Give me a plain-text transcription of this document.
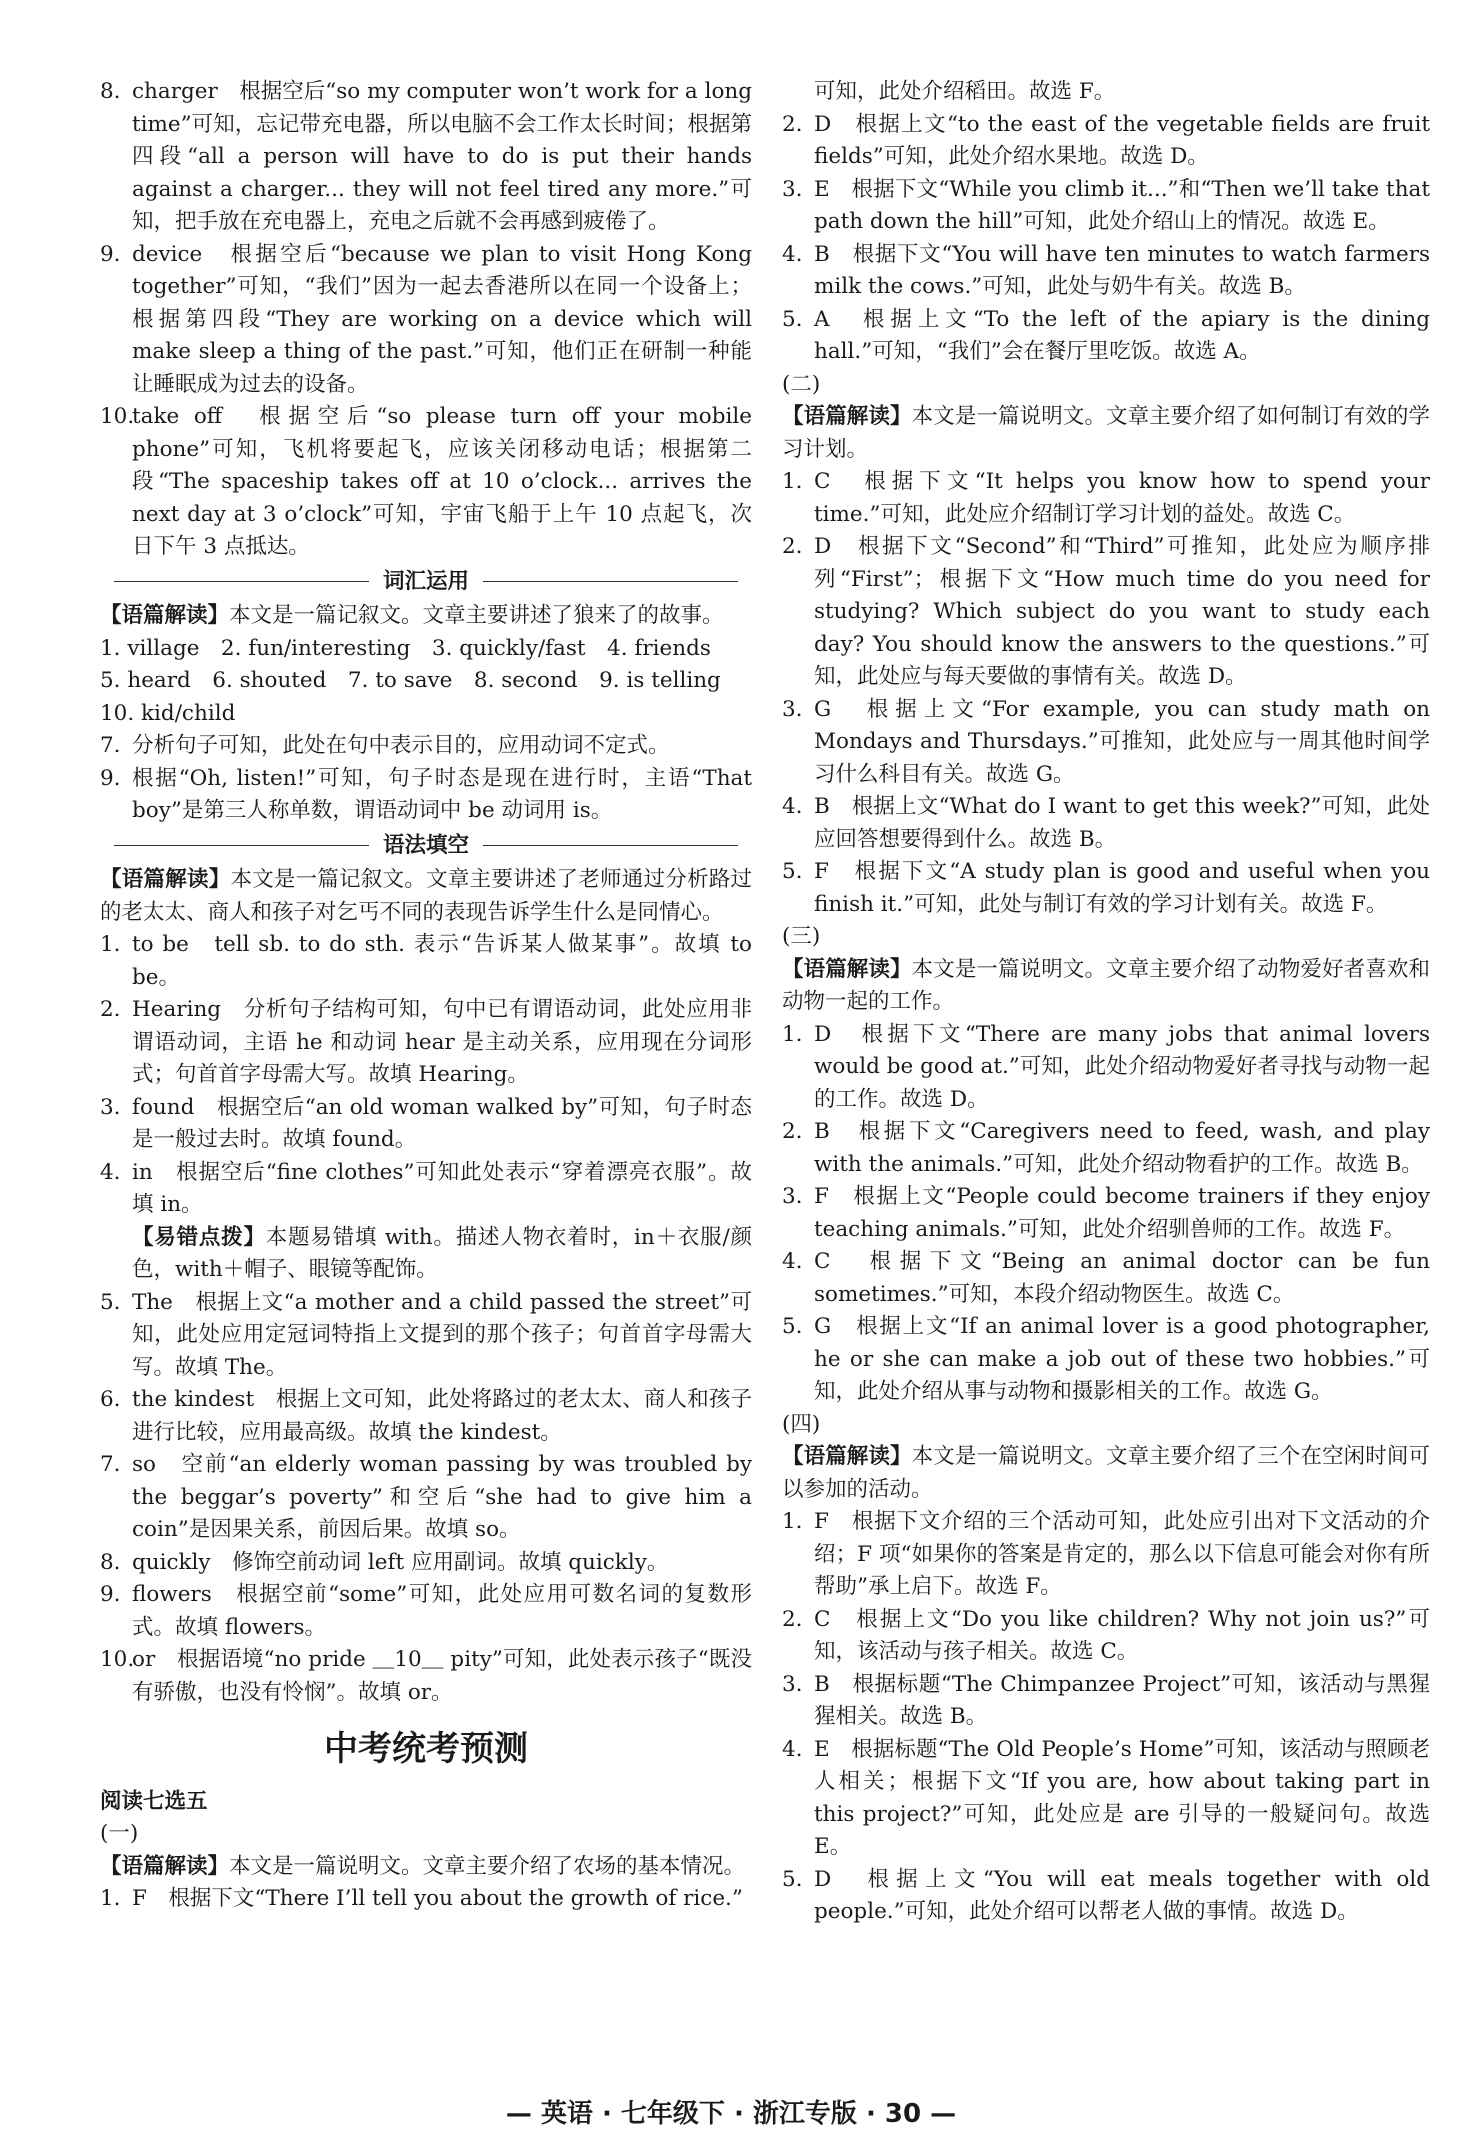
8. charger　根据空后“so my computer won’t work for a long time”可知，忘记带充电器，所以电脑不会工作太长时间；根据第四段“all a person will have to do is put their hands against a charger... they will not feel tired any more.”可知，把手放在充电器上，充电之后就不会再感到疲倦了。
9. device　根据空后“because we plan to visit Hong Kong together”可知，“我们”因为一起去香港所以在同一个设备上；根据第四段“They are working on a device which will make sleep a thing of the past.”可知，他们正在研制一种能让睡眠成为过去的设备。
10.
take off　根据空后“so please turn off your mobile phone”可知，飞机将要起飞，应该关闭移动电话；根据第二段“The spaceship takes off at 10 o’clock... arrives the next day at 3 o’clock”可知，宇宙飞船于上午 10 点起飞，次日下午 3 点抵达。
词汇运用
【语篇解读】本文是一篇记叙文。文章主要讲述了狼来了的故事。
1. village　2. fun/interesting　3. quickly/fast　4. friends
5. heard　6. shouted　7. to save　8. second　9. is telling
10. kid/child
7. 分析句子可知，此处在句中表示目的，应用动词不定式。
9. 根据“Oh, listen!”可知，句子时态是现在进行时，主语“That boy”是第三人称单数，谓语动词中 be 动词用 is。
语法填空
【语篇解读】本文是一篇记叙文。文章主要讲述了老师通过分析路过的老太太、商人和孩子对乞丐不同的表现告诉学生什么是同情心。
1. to be　tell sb. to do sth. 表示“告诉某人做某事”。故填 to be。
2. Hearing　分析句子结构可知，句中已有谓语动词，此处应用非谓语动词，主语 he 和动词 hear 是主动关系，应用现在分词形式；句首首字母需大写。故填 Hearing。
3. found　根据空后“an old woman walked by”可知，句子时态是一般过去时。故填 found。
4. in　根据空后“fine clothes”可知此处表示“穿着漂亮衣服”。故填 in。
【易错点拨】本题易错填 with。描述人物衣着时，in＋衣服/颜色，with＋帽子、眼镜等配饰。
5. The　根据上文“a mother and a child passed the street”可知，此处应用定冠词特指上文提到的那个孩子；句首首字母需大写。故填 The。
6. the kindest　根据上文可知，此处将路过的老太太、商人和孩子进行比较，应用最高级。故填 the kindest。
7. so　空前“an elderly woman passing by was troubled by the beggar’s poverty”和空后“she had to give him a coin”是因果关系，前因后果。故填 so。
8. quickly　修饰空前动词 left 应用副词。故填 quickly。
9. flowers　根据空前“some”可知，此处应用可数名词的复数形式。故填 flowers。
10.
or　根据语境“no pride ＿10＿ pity”可知，此处表示孩子“既没有骄傲，也没有怜悯”。故填 or。
中考统考预测
阅读七选五
(一)
【语篇解读】本文是一篇说明文。文章主要介绍了农场的基本情况。
1. F　根据下文“There I’ll tell you about the growth of rice.”
可知，此处介绍稻田。故选 F。
2. D　根据上文“to the east of the vegetable fields are fruit fields”可知，此处介绍水果地。故选 D。
3. E　根据下文“While you climb it...”和“Then we’ll take that path down the hill”可知，此处介绍山上的情况。故选 E。
4. B　根据下文“You will have ten minutes to watch farmers milk the cows.”可知，此处与奶牛有关。故选 B。
5. A　根据上文“To the left of the apiary is the dining hall.”可知，“我们”会在餐厅里吃饭。故选 A。
(二)
【语篇解读】本文是一篇说明文。文章主要介绍了如何制订有效的学习计划。
1. C　根据下文“It helps you know how to spend your time.”可知，此处应介绍制订学习计划的益处。故选 C。
2. D　根据下文“Second”和“Third”可推知，此处应为顺序排列“First”；根据下文“How much time do you need for studying? Which subject do you want to study each day? You should know the answers to the questions.”可知，此处应与每天要做的事情有关。故选 D。
3. G　根据上文“For example, you can study math on Mondays and Thursdays.”可推知，此处应与一周其他时间学习什么科目有关。故选 G。
4. B　根据上文“What do I want to get this week?”可知，此处应回答想要得到什么。故选 B。
5. F　根据下文“A study plan is good and useful when you finish it.”可知，此处与制订有效的学习计划有关。故选 F。
(三)
【语篇解读】本文是一篇说明文。文章主要介绍了动物爱好者喜欢和动物一起的工作。
1. D　根据下文“There are many jobs that animal lovers would be good at.”可知，此处介绍动物爱好者寻找与动物一起的工作。故选 D。
2. B　根据下文“Caregivers need to feed, wash, and play with the animals.”可知，此处介绍动物看护的工作。故选 B。
3. F　根据上文“People could become trainers if they enjoy teaching animals.”可知，此处介绍驯兽师的工作。故选 F。
4. C　根据下文“Being an animal doctor can be fun sometimes.”可知，本段介绍动物医生。故选 C。
5. G　根据上文“If an animal lover is a good photographer, he or she can make a job out of these two hobbies.”可知，此处介绍从事与动物和摄影相关的工作。故选 G。
(四)
【语篇解读】本文是一篇说明文。文章主要介绍了三个在空闲时间可以参加的活动。
1. F　根据下文介绍的三个活动可知，此处应引出对下文活动的介绍；F 项“如果你的答案是肯定的，那么以下信息可能会对你有所帮助”承上启下。故选 F。
2. C　根据上文“Do you like children? Why not join us?”可知，该活动与孩子相关。故选 C。
3. B　根据标题“The Chimpanzee Project”可知，该活动与黑猩猩相关。故选 B。
4. E　根据标题“The Old People’s Home”可知，该活动与照顾老人相关；根据下文“If you are, how about taking part in this project?”可知，此处应是 are 引导的一般疑问句。故选 E。
5. D　根据上文“You will eat meals together with old people.”可知，此处介绍可以帮老人做的事情。故选 D。
— 英语 · 七年级下 · 浙江专版 · 30 —
